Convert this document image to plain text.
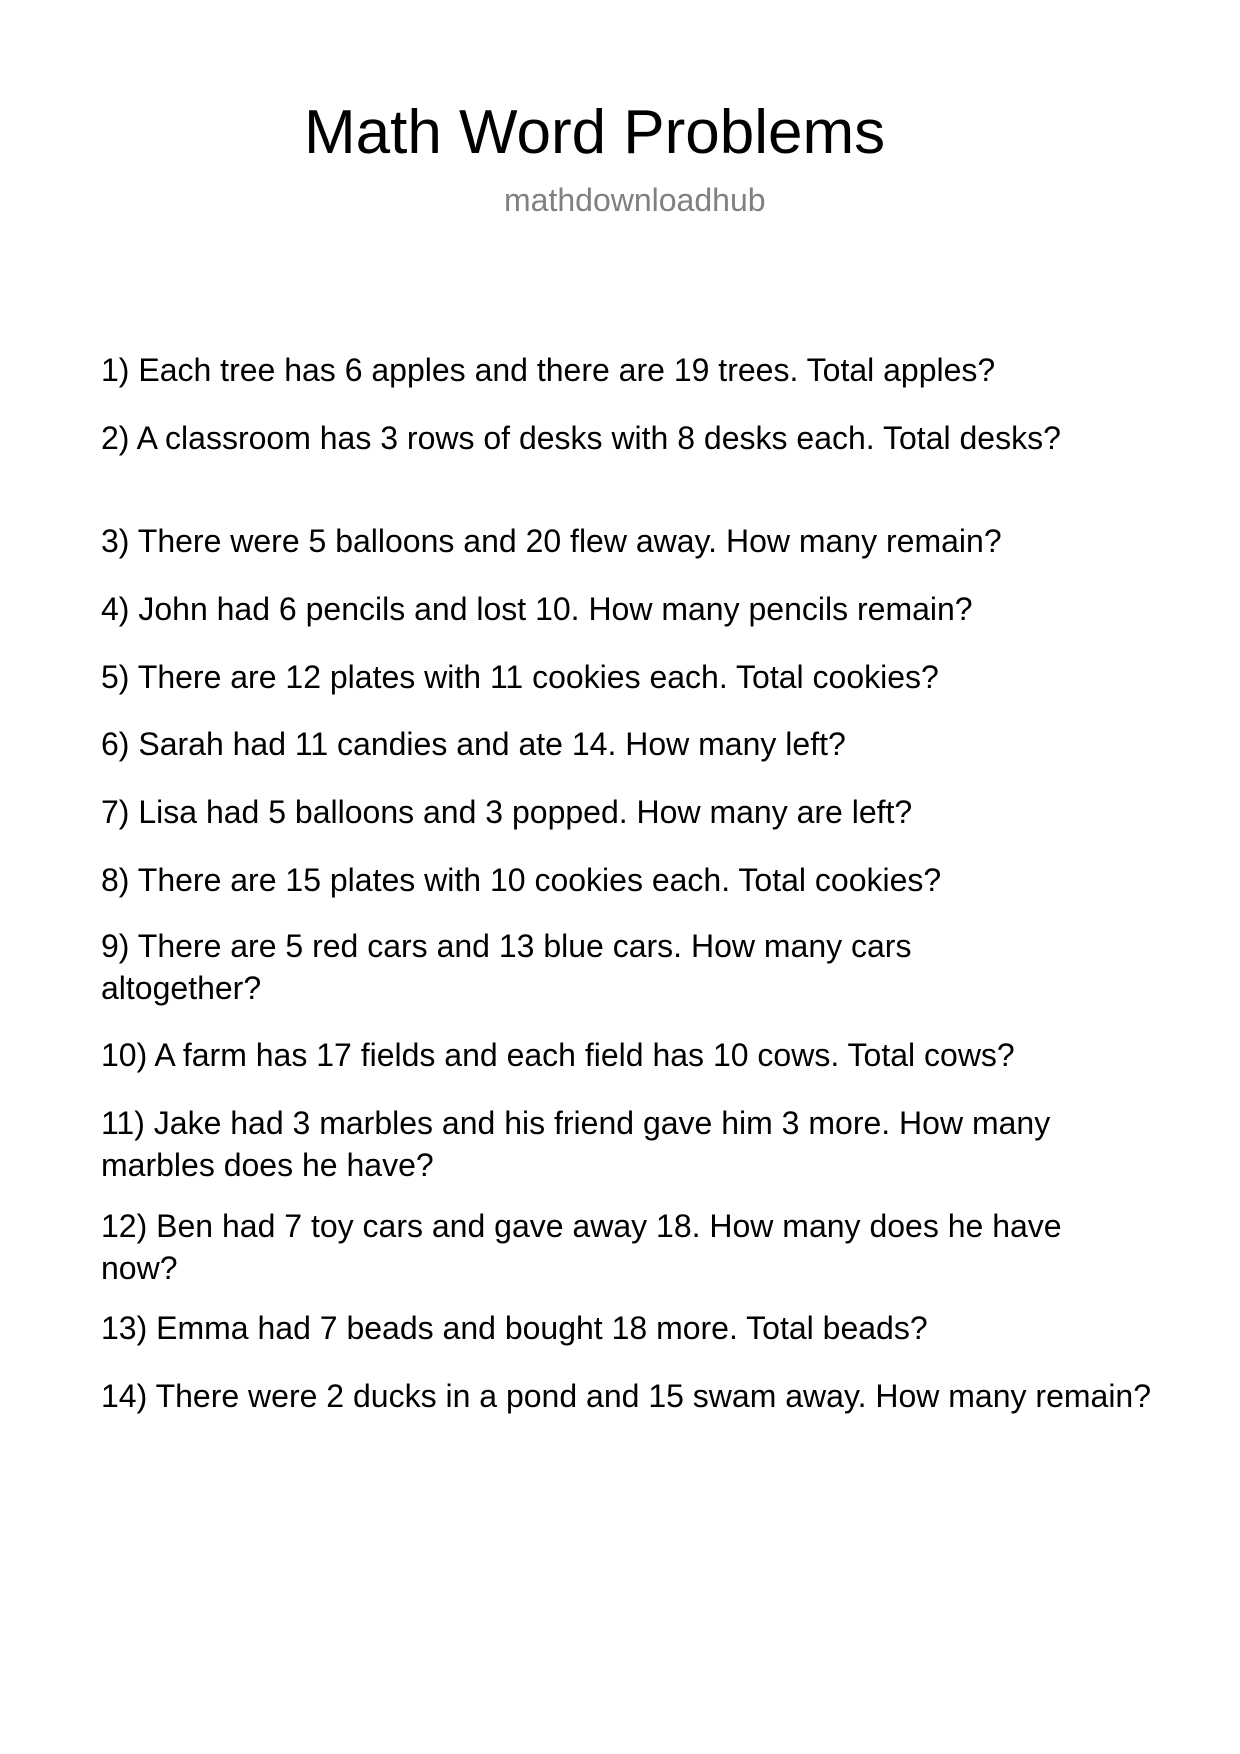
Math Word Problems
mathdownloadhub
1) Each tree has 6 apples and there are 19 trees. Total apples?
2) A classroom has 3 rows of desks with 8 desks each. Total desks?
3) There were 5 balloons and 20 flew away. How many remain?
4) John had 6 pencils and lost 10. How many pencils remain?
5) There are 12 plates with 11 cookies each. Total cookies?
6) Sarah had 11 candies and ate 14. How many left?
7) Lisa had 5 balloons and 3 popped. How many are left?
8) There are 15 plates with 10 cookies each. Total cookies?
9) There are 5 red cars and 13 blue cars. How many cars altogether?
10) A farm has 17 fields and each field has 10 cows. Total cows?
11) Jake had 3 marbles and his friend gave him 3 more. How many marbles does he have?
12) Ben had 7 toy cars and gave away 18. How many does he have now?
13) Emma had 7 beads and bought 18 more. Total beads?
14) There were 2 ducks in a pond and 15 swam away. How many remain?
